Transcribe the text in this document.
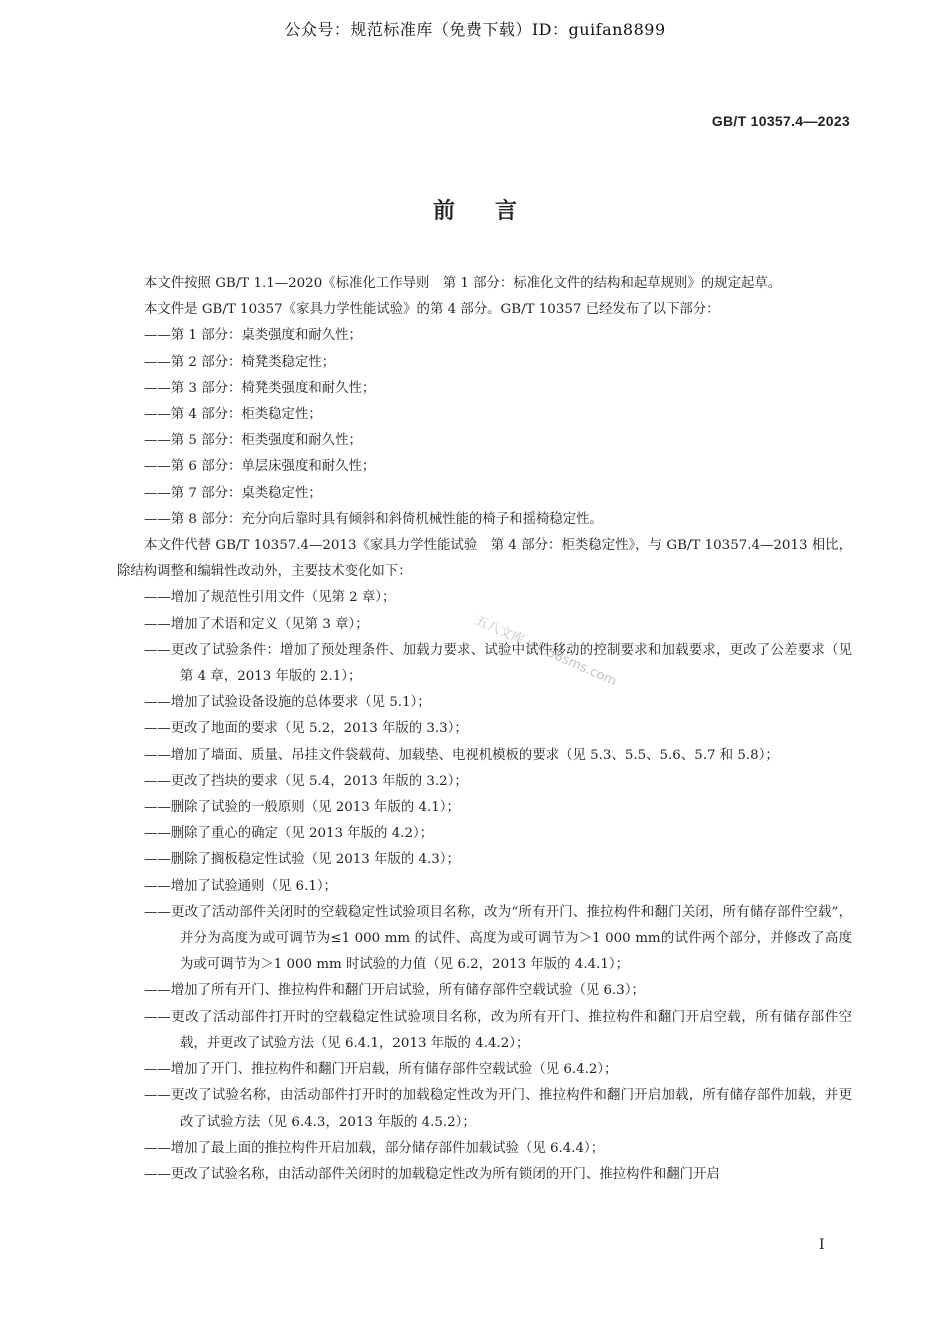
公众号：规范标准库（免费下载）ID：guifan8899
GB/T 10357.4—2023
前言

本文件按照 GB/T 1.1—2020《标准化工作导则　第 1 部分：标准化文件的结构和起草规则》的规定起草。

本文件是 GB/T 10357《家具力学性能试验》的第 4 部分。GB/T 10357 已经发布了以下部分：

——第 1 部分：桌类强度和耐久性；

——第 2 部分：椅凳类稳定性；

——第 3 部分：椅凳类强度和耐久性；

——第 4 部分：柜类稳定性；

——第 5 部分：柜类强度和耐久性；

——第 6 部分：单层床强度和耐久性；

——第 7 部分：桌类稳定性；

——第 8 部分：充分向后靠时具有倾斜和斜倚机械性能的椅子和摇椅稳定性。

本文件代替 GB/T 10357.4—2013《家具力学性能试验　第 4 部分：柜类稳定性》，与 GB/T 10357.4—2013 相比，除结构调整和编辑性改动外，主要技术变化如下：

——增加了规范性引用文件（见第 2 章）；

——增加了术语和定义（见第 3 章）；

——更改了试验条件：增加了预处理条件、加载力要求、试验中试件移动的控制要求和加载要求，更改了公差要求（见第 4 章，2013 年版的 2.1）；

——增加了试验设备设施的总体要求（见 5.1）；

——更改了地面的要求（见 5.2，2013 年版的 3.3）；

——增加了墙面、质量、吊挂文件袋载荷、加载垫、电视机模板的要求（见 5.3、5.5、5.6、5.7 和 5.8）；

——更改了挡块的要求（见 5.4，2013 年版的 3.2）；

——删除了试验的一般原则（见 2013 年版的 4.1）；

——删除了重心的确定（见 2013 年版的 4.2）；

——删除了搁板稳定性试验（见 2013 年版的 4.3）；

——增加了试验通则（见 6.1）；

——更改了活动部件关闭时的空载稳定性试验项目名称，改为“所有开门、推拉构件和翻门关闭，所有储存部件空载”，并分为高度为或可调节为≤1 000 mm 的试件、高度为或可调节为＞1 000 mm的试件两个部分，并修改了高度为或可调节为＞1 000 mm 时试验的力值（见 6.2，2013 年版的 4.4.1）；

——增加了所有开门、推拉构件和翻门开启试验，所有储存部件空载试验（见 6.3）；

——更改了活动部件打开时的空载稳定性试验项目名称，改为所有开门、推拉构件和翻门开启空载，所有储存部件空载，并更改了试验方法（见 6.4.1，2013 年版的 4.4.2）；

——增加了开门、推拉构件和翻门开启载，所有储存部件空载试验（见 6.4.2）；

——更改了试验名称，由活动部件打开时的加载稳定性改为开门、推拉构件和翻门开启加载，所有储存部件加载，并更改了试验方法（见 6.4.3，2013 年版的 4.5.2）；

——增加了最上面的推拉构件开启加载，部分储存部件加载试验（见 6.4.4）；

——更改了试验名称，由活动部件关闭时的加载稳定性改为所有锁闭的开门、推拉构件和翻门开启

五八文库 wk.58sms.com
I
